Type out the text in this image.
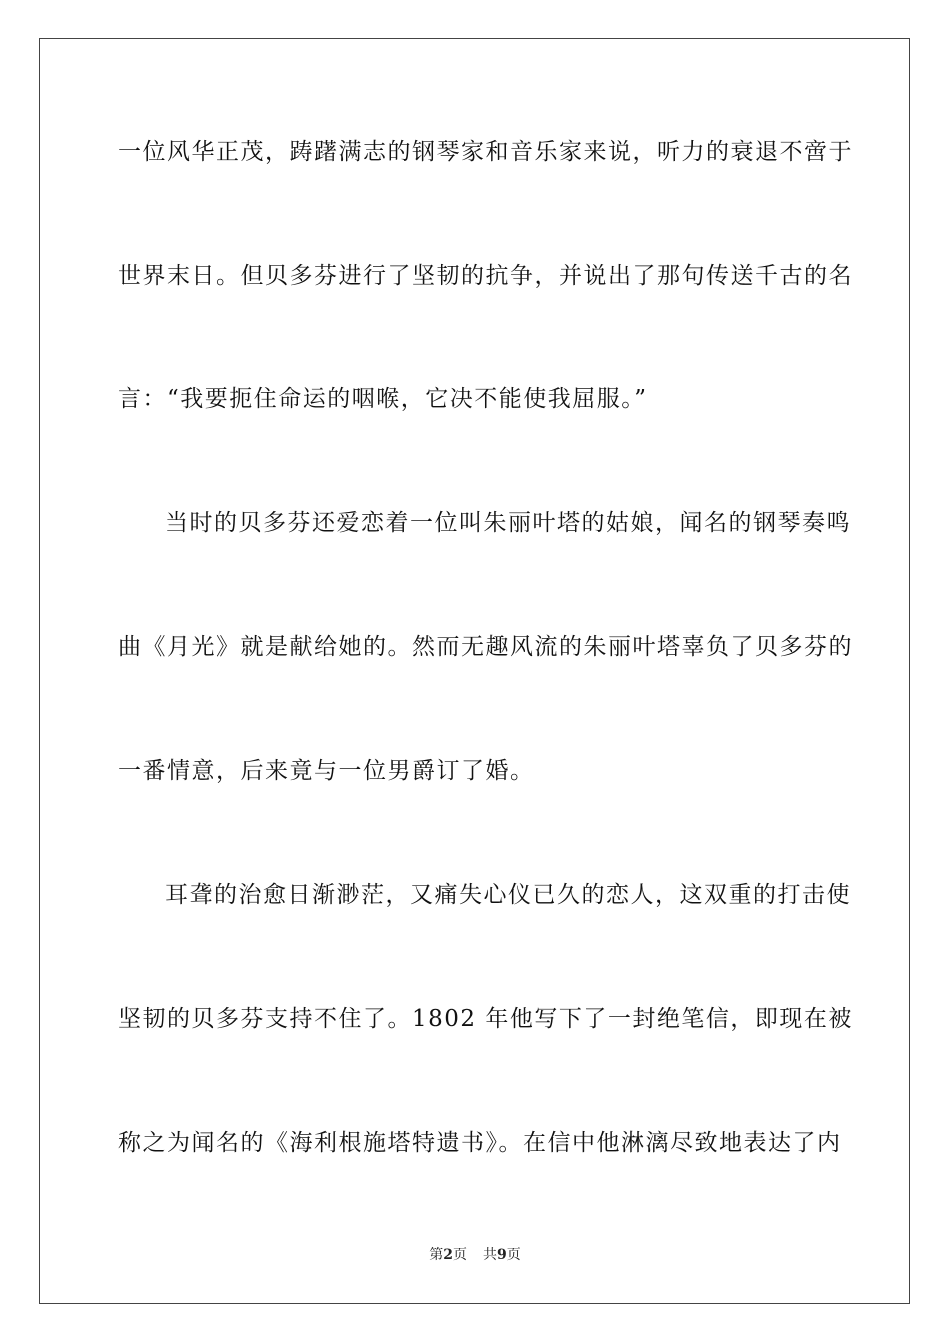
一位风华正茂，踌躇满志的钢琴家和音乐家来说，听力的衰退不啻于
世界末日。但贝多芬进行了坚韧的抗争，并说出了那句传送千古的名
言：“我要扼住命运的咽喉，它决不能使我屈服。”
当时的贝多芬还爱恋着一位叫朱丽叶塔的姑娘，闻名的钢琴奏鸣
曲《月光》就是献给她的。然而无趣风流的朱丽叶塔辜负了贝多芬的
一番情意，后来竟与一位男爵订了婚。
耳聋的治愈日渐渺茫，又痛失心仪已久的恋人，这双重的打击使
坚韧的贝多芬支持不住了。1802 年他写下了一封绝笔信，即现在被
称之为闻名的《海利根施塔特遗书》。在信中他淋漓尽致地表达了内
第2页 共9页
